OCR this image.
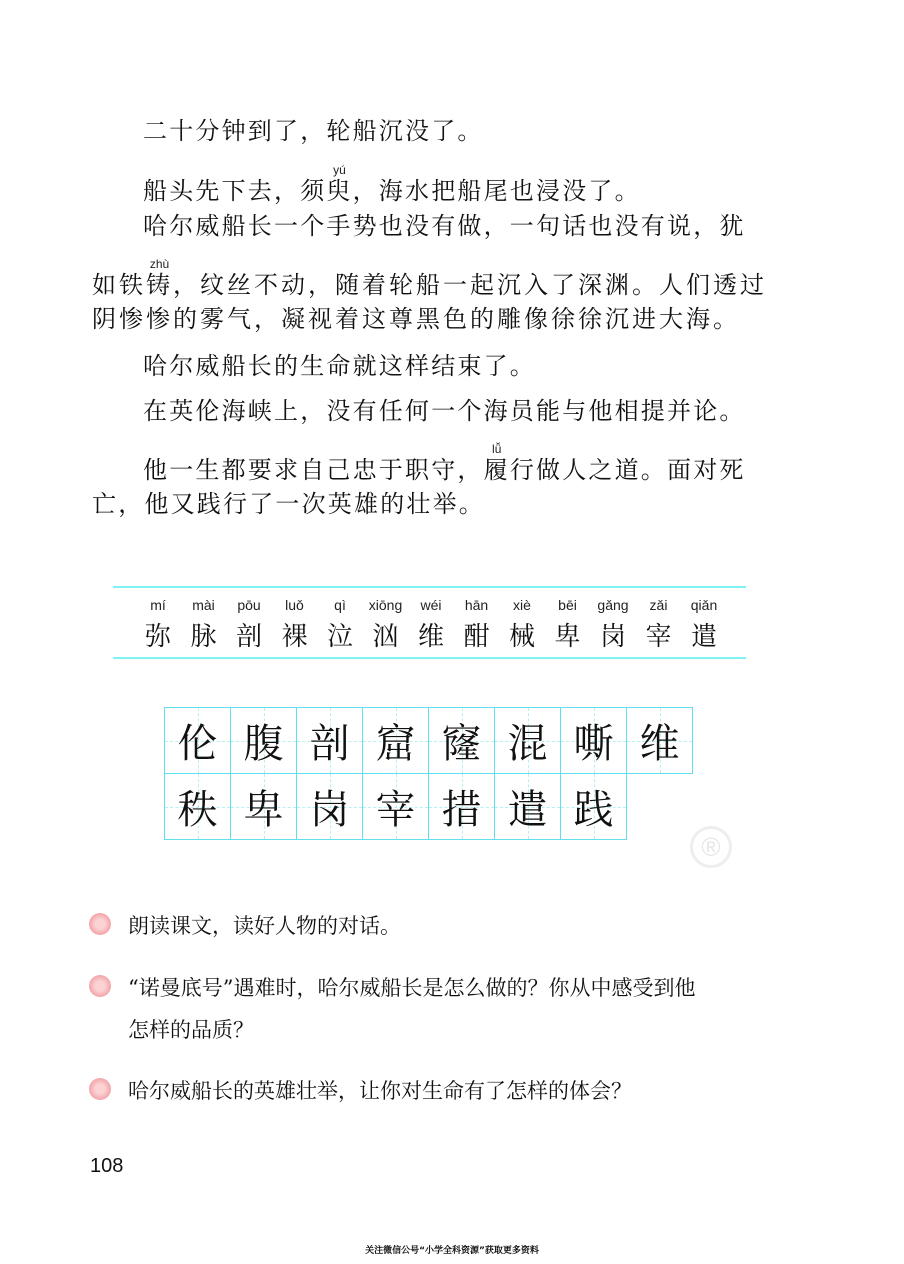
二十分钟到了，轮船沉没了。
船头先下去，须臾yú，海水把船尾也浸没了。
哈尔威船长一个手势也没有做，一句话也没有说，犹
如铁铸zhù，纹丝不动，随着轮船一起沉入了深渊。人们透过
阴惨惨的雾气，凝视着这尊黑色的雕像徐徐沉进大海。
哈尔威船长的生命就这样结束了。
在英伦海峡上，没有任何一个海员能与他相提并论。
他一生都要求自己忠于职守，履lǚ行做人之道。面对死
亡，他又践行了一次英雄的壮举。
mí
弥
mài
脉
pōu
剖
luǒ
裸
qì
泣
xiōng
汹
wéi
维
hān
酣
xiè
械
bēi
卑
gǎng
岗
zǎi
宰
qiǎn
遣
伦 腹 剖 窟 窿 混 嘶 维
秩 卑 岗 宰 措 遣 践
®
朗读课文，读好人物的对话。
“诺曼底号”遇难时，哈尔威船长是怎么做的？你从中感受到他
怎样的品质？
哈尔威船长的英雄壮举，让你对生命有了怎样的体会？
108
关注微信公号“小学全科资源”获取更多资料
